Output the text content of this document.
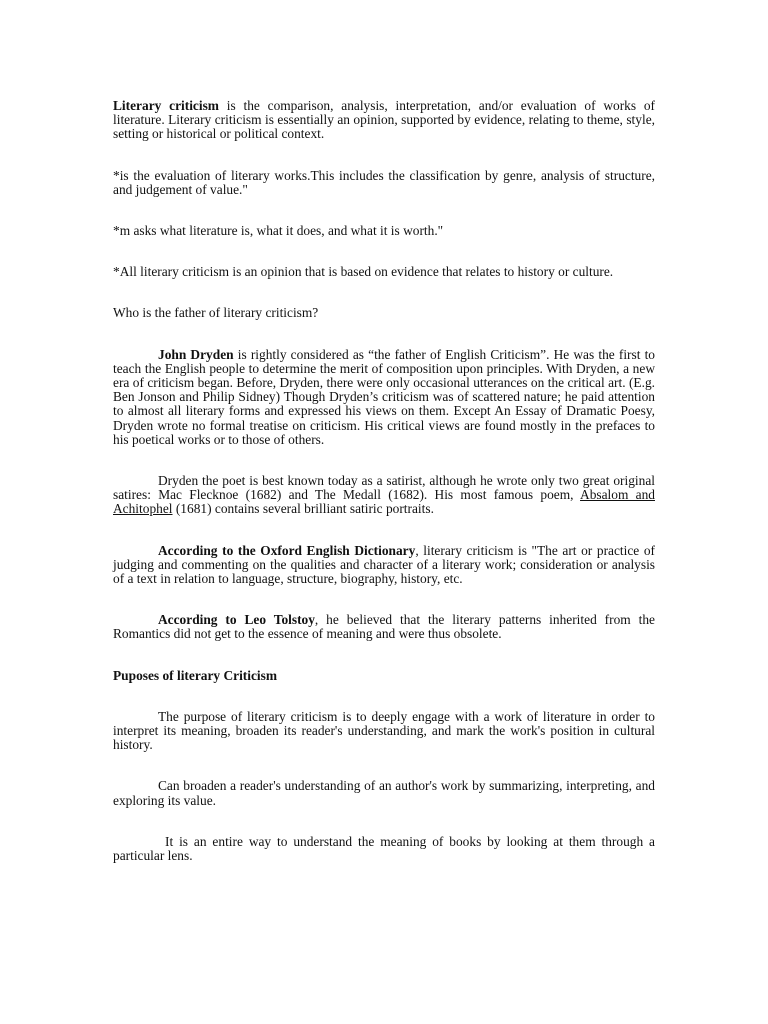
Literary criticism is the comparison, analysis, interpretation, and/or evaluation of works of literature. Literary criticism is essentially an opinion, supported by evidence, relating to theme, style, setting or historical or political context.

*is the evaluation of literary works.This includes the classification by genre, analysis of structure, and judgement of value."

*m asks what literature is, what it does, and what it is worth."

*All literary criticism is an opinion that is based on evidence that relates to history or culture.

Who is the father of literary criticism?

John Dryden is rightly considered as “the father of English Criticism”. He was the first to teach the English people to determine the merit of composition upon principles. With Dryden, a new era of criticism began. Before, Dryden, there were only occasional utterances on the critical art. (E.g. Ben Jonson and Philip Sidney) Though Dryden’s criticism was of scattered nature; he paid attention to almost all literary forms and expressed his views on them. Except An Essay of Dramatic Poesy, Dryden wrote no formal treatise on criticism. His critical views are found mostly in the prefaces to his poetical works or to those of others.

Dryden the poet is best known today as a satirist, although he wrote only two great original satires: Mac Flecknoe (1682) and The Medall (1682). His most famous poem, Absalom and Achitophel (1681) contains several brilliant satiric portraits.

According to the Oxford English Dictionary, literary criticism is "The art or practice of judging and commenting on the qualities and character of a literary work; consideration or analysis of a text in relation to language, structure, biography, history, etc.

According to Leo Tolstoy, he believed that the literary patterns inherited from the Romantics did not get to the essence of meaning and were thus obsolete.

Puposes of literary Criticism

The purpose of literary criticism is to deeply engage with a work of literature in order to interpret its meaning, broaden its reader's understanding, and mark the work's position in cultural history.

Can broaden a reader's understanding of an author's work by summarizing, interpreting, and exploring its value.

It is an entire way to understand the meaning of books by looking at them through a particular lens.
